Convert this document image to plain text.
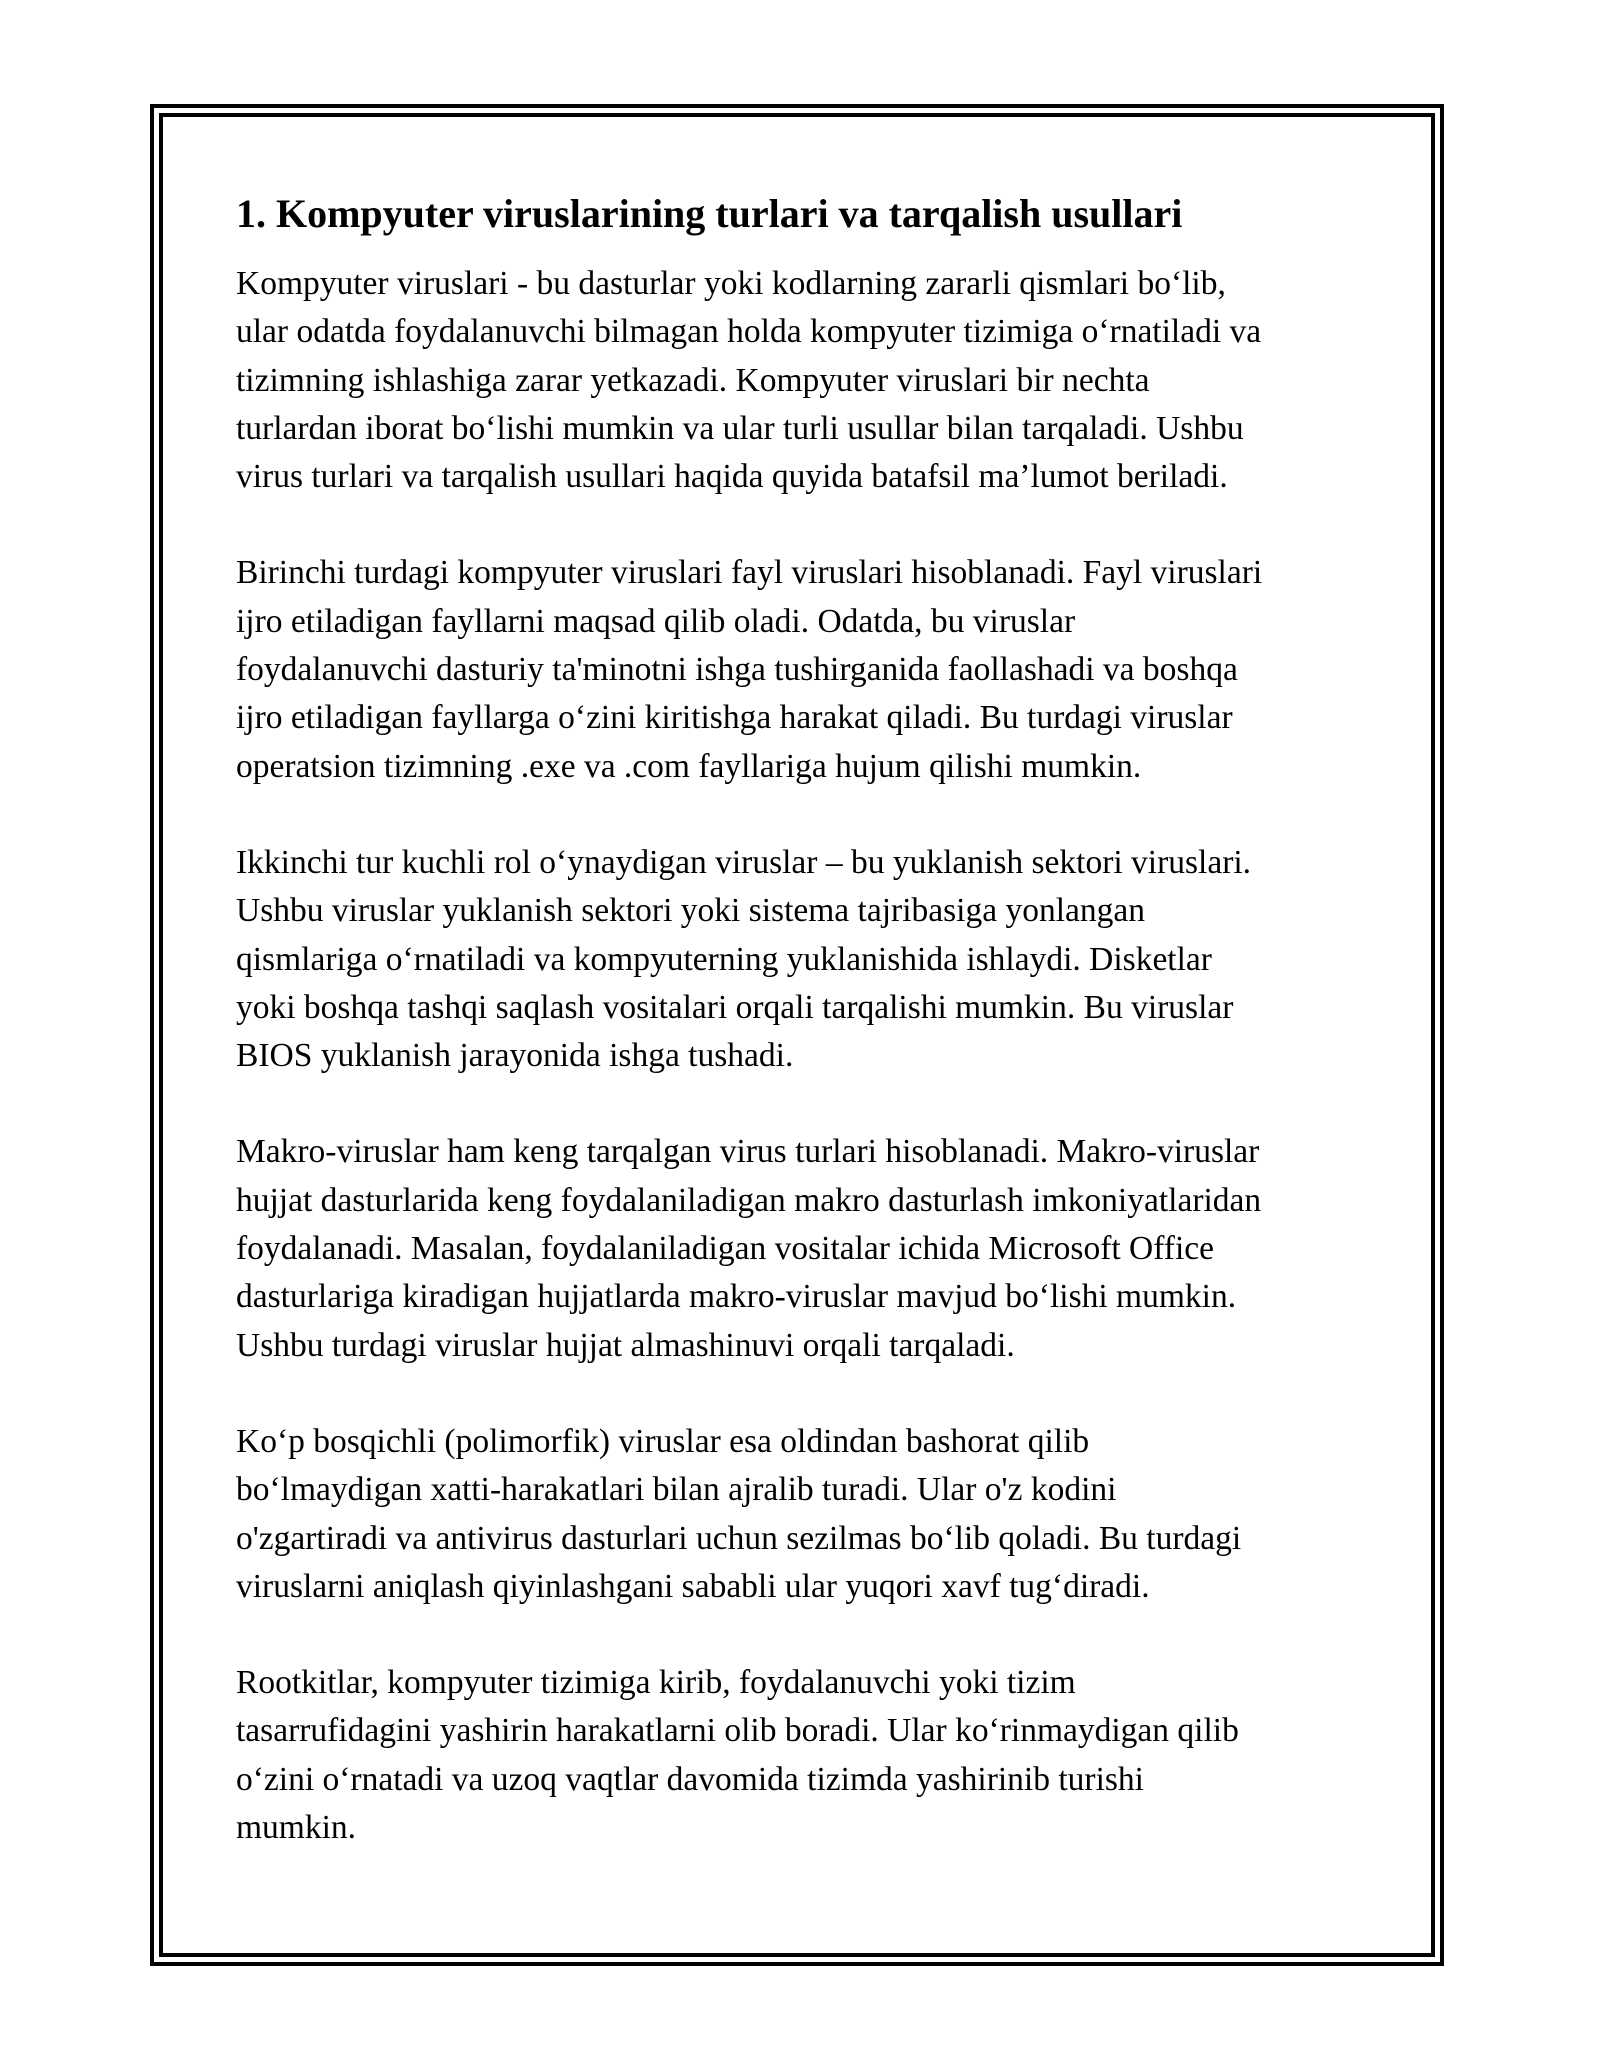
1. Kompyuter viruslarining turlari va tarqalish usullari

Kompyuter viruslari - bu dasturlar yoki kodlarning zararli qismlari bo‘lib,
ular odatda foydalanuvchi bilmagan holda kompyuter tizimiga o‘rnatiladi va
tizimning ishlashiga zarar yetkazadi. Kompyuter viruslari bir nechta
turlardan iborat bo‘lishi mumkin va ular turli usullar bilan tarqaladi. Ushbu
virus turlari va tarqalish usullari haqida quyida batafsil ma’lumot beriladi.

Birinchi turdagi kompyuter viruslari fayl viruslari hisoblanadi. Fayl viruslari
ijro etiladigan fayllarni maqsad qilib oladi. Odatda, bu viruslar
foydalanuvchi dasturiy ta'minotni ishga tushirganida faollashadi va boshqa
ijro etiladigan fayllarga o‘zini kiritishga harakat qiladi. Bu turdagi viruslar
operatsion tizimning .exe va .com fayllariga hujum qilishi mumkin.

Ikkinchi tur kuchli rol o‘ynaydigan viruslar – bu yuklanish sektori viruslari.
Ushbu viruslar yuklanish sektori yoki sistema tajribasiga yonlangan
qismlariga o‘rnatiladi va kompyuterning yuklanishida ishlaydi. Disketlar
yoki boshqa tashqi saqlash vositalari orqali tarqalishi mumkin. Bu viruslar
BIOS yuklanish jarayonida ishga tushadi.

Makro-viruslar ham keng tarqalgan virus turlari hisoblanadi. Makro-viruslar
hujjat dasturlarida keng foydalaniladigan makro dasturlash imkoniyatlaridan
foydalanadi. Masalan, foydalaniladigan vositalar ichida Microsoft Office
dasturlariga kiradigan hujjatlarda makro-viruslar mavjud bo‘lishi mumkin.
Ushbu turdagi viruslar hujjat almashinuvi orqali tarqaladi.

Ko‘p bosqichli (polimorfik) viruslar esa oldindan bashorat qilib
bo‘lmaydigan xatti-harakatlari bilan ajralib turadi. Ular o'z kodini
o'zgartiradi va antivirus dasturlari uchun sezilmas bo‘lib qoladi. Bu turdagi
viruslarni aniqlash qiyinlashgani sababli ular yuqori xavf tug‘diradi.

Rootkitlar, kompyuter tizimiga kirib, foydalanuvchi yoki tizim
tasarrufidagini yashirin harakatlarni olib boradi. Ular ko‘rinmaydigan qilib
o‘zini o‘rnatadi va uzoq vaqtlar davomida tizimda yashirinib turishi
mumkin.
